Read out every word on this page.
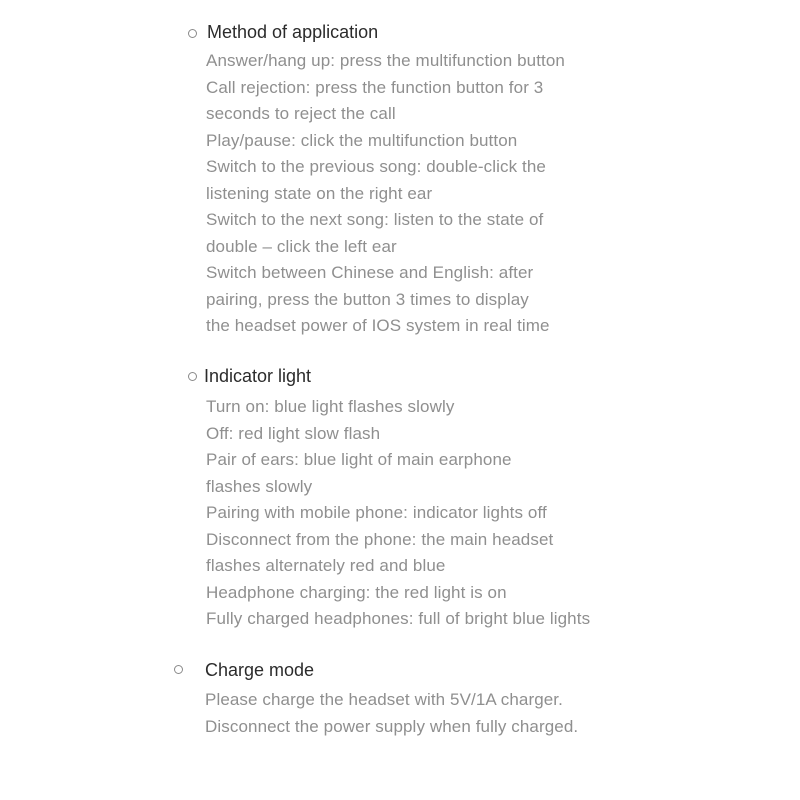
Method of application
Answer/hang up: press the multifunction button
Call rejection: press the function button for 3
seconds to reject the call
Play/pause: click the multifunction button
Switch to the previous song: double-click the
listening state on the right ear
Switch to the next song: listen to the state of
double – click the left ear
Switch between Chinese and English: after
pairing, press the button 3 times to display
the headset power of IOS system in real time
Indicator light
Turn on: blue light flashes slowly
Off: red light slow flash
Pair of ears: blue light of main earphone
flashes slowly
Pairing with mobile phone: indicator lights off
Disconnect from the phone: the main headset
flashes alternately red and blue
Headphone charging: the red light is on
Fully charged headphones: full of bright blue lights
Charge mode
Please charge the headset with 5V/1A charger.
Disconnect the power supply when fully charged.
